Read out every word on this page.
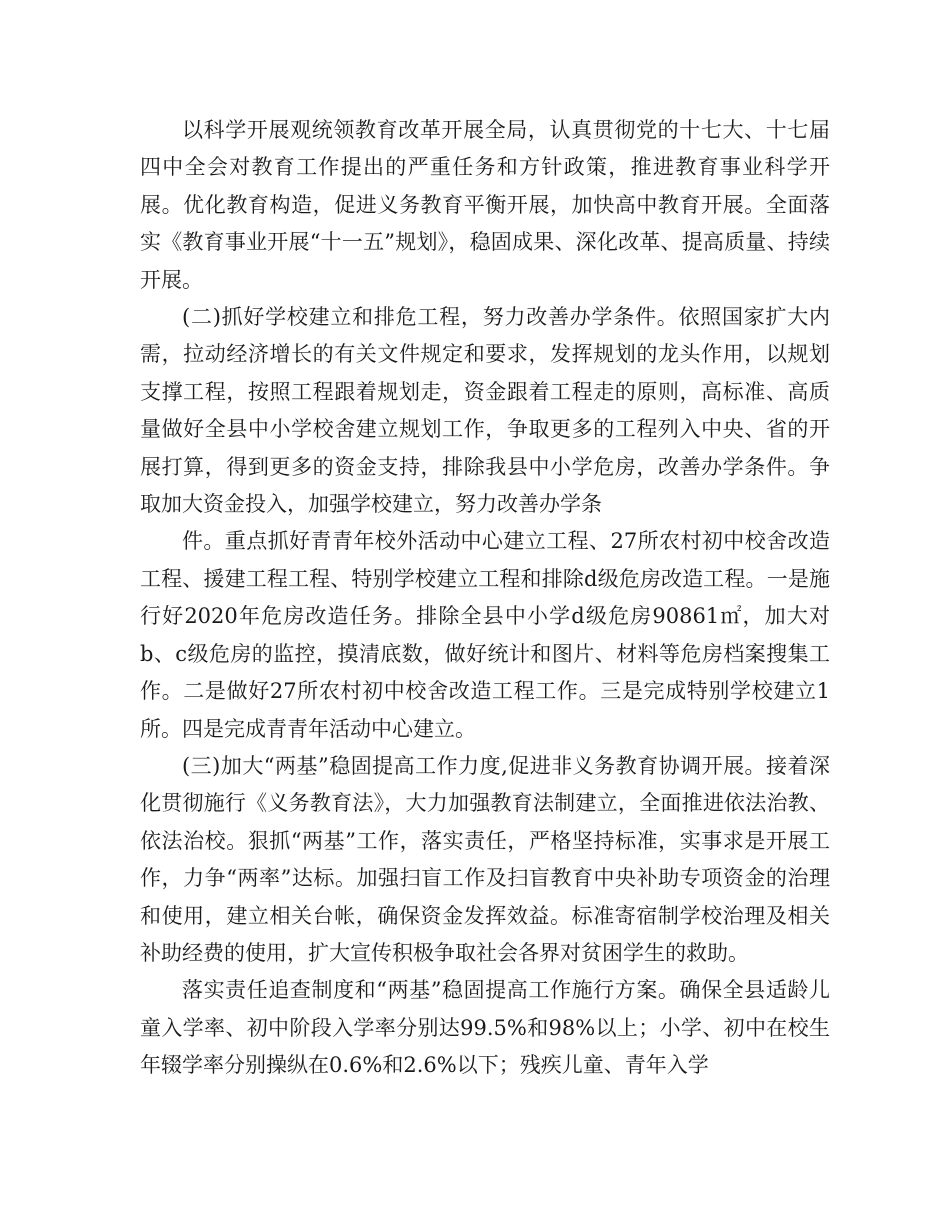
以科学开展观统领教育改革开展全局，认真贯彻党的十七大、十七届四中全会对教育工作提出的严重任务和方针政策，推进教育事业科学开展。优化教育构造，促进义务教育平衡开展，加快高中教育开展。全面落实《教育事业开展“十一五”规划》，稳固成果、深化改革、提高质量、持续开展。

(二)抓好学校建立和排危工程，努力改善办学条件。依照国家扩大内需，拉动经济增长的有关文件规定和要求，发挥规划的龙头作用，以规划支撑工程，按照工程跟着规划走，资金跟着工程走的原则，高标准、高质量做好全县中小学校舍建立规划工作，争取更多的工程列入中央、省的开展打算，得到更多的资金支持，排除我县中小学危房，改善办学条件。争取加大资金投入，加强学校建立，努力改善办学条

件。重点抓好青青年校外活动中心建立工程、27所农村初中校舍改造工程、援建工程工程、特别学校建立工程和排除d级危房改造工程。一是施行好2020年危房改造任务。排除全县中小学d级危房90861㎡，加大对b、c级危房的监控，摸清底数，做好统计和图片、材料等危房档案搜集工作。二是做好27所农村初中校舍改造工程工作。三是完成特别学校建立1所。四是完成青青年活动中心建立。

(三)加大“两基”稳固提高工作力度,促进非义务教育协调开展。接着深化贯彻施行《义务教育法》，大力加强教育法制建立，全面推进依法治教、依法治校。狠抓“两基”工作，落实责任，严格坚持标准，实事求是开展工作，力争“两率”达标。加强扫盲工作及扫盲教育中央补助专项资金的治理和使用，建立相关台帐，确保资金发挥效益。标准寄宿制学校治理及相关补助经费的使用，扩大宣传积极争取社会各界对贫困学生的救助。

落实责任追查制度和“两基”稳固提高工作施行方案。确保全县适龄儿童入学率、初中阶段入学率分别达99.5%和98%以上；小学、初中在校生年辍学率分别操纵在0.6%和2.6%以下；残疾儿童、青年入学
